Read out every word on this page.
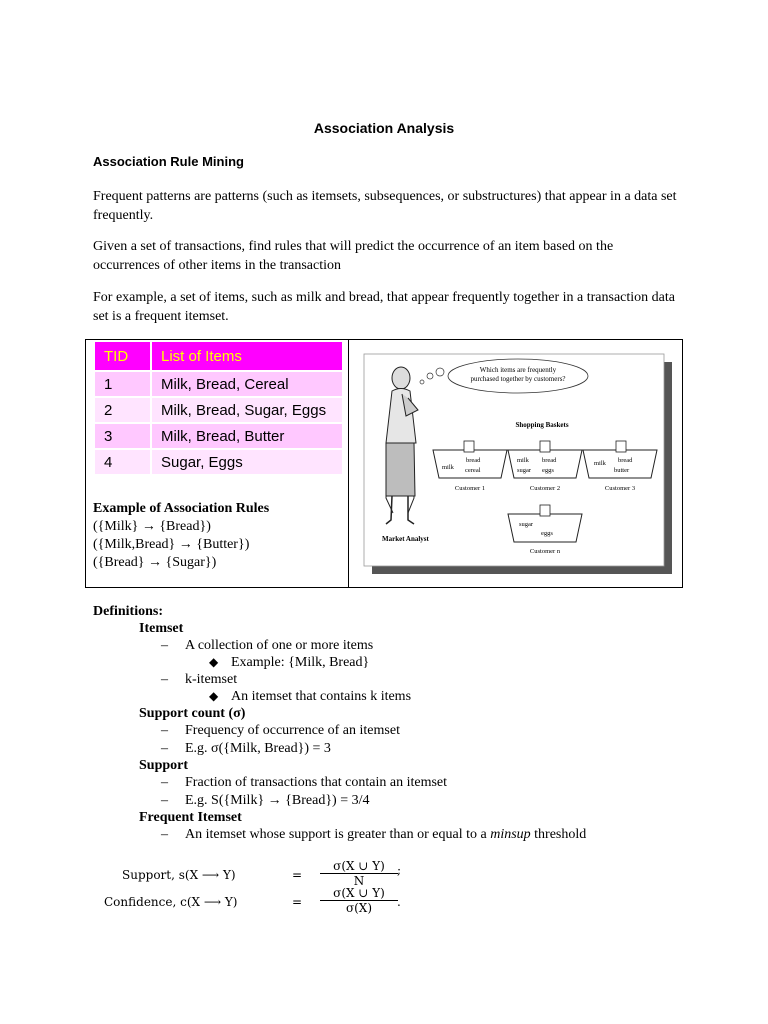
Association Analysis
Association Rule Mining
Frequent patterns are patterns (such as itemsets, subsequences, or substructures) that appear in a data set frequently.
Given a set of transactions, find rules that will predict the occurrence of an item based on the occurrences of other items in the transaction
For example, a set of items, such as milk and bread, that appear frequently together in a transaction data set is a frequent itemset.
TID	List of Items
1	Milk, Bread, Cereal
2	Milk, Bread, Sugar, Eggs
3	Milk, Bread, Butter
4	Sugar, Eggs
Example of Association Rules
({Milk} → {Bread})
({Milk,Bread} → {Butter})
({Bread} → {Sugar})
Market Analyst
Which items are frequently
purchased together by customers?
Shopping Baskets
milk
bread
cereal
Customer 1
milk bread
sugar eggs
Customer 2
milk bread
butter
Customer 3
sugar
eggs
Customer n
Definitions:
Itemset
– A collection of one or more items
◆ Example: {Milk, Bread}
– k-itemset
◆ An itemset that contains k items
Support count (σ)
– Frequency of occurrence of an itemset
– E.g. σ({Milk, Bread}) = 3
Support
– Fraction of transactions that contain an itemset
– E.g. S({Milk} → {Bread}) = 3/4
Frequent Itemset
– An itemset whose support is greater than or equal to a minsup threshold
Support, s(X ⟶ Y)	= $\frac{\sigma(X \cup Y)}{N}$ ;
Confidence, c(X ⟶ Y)	= $\frac{\sigma(X \cup Y)}{\sigma(X)}$ .
